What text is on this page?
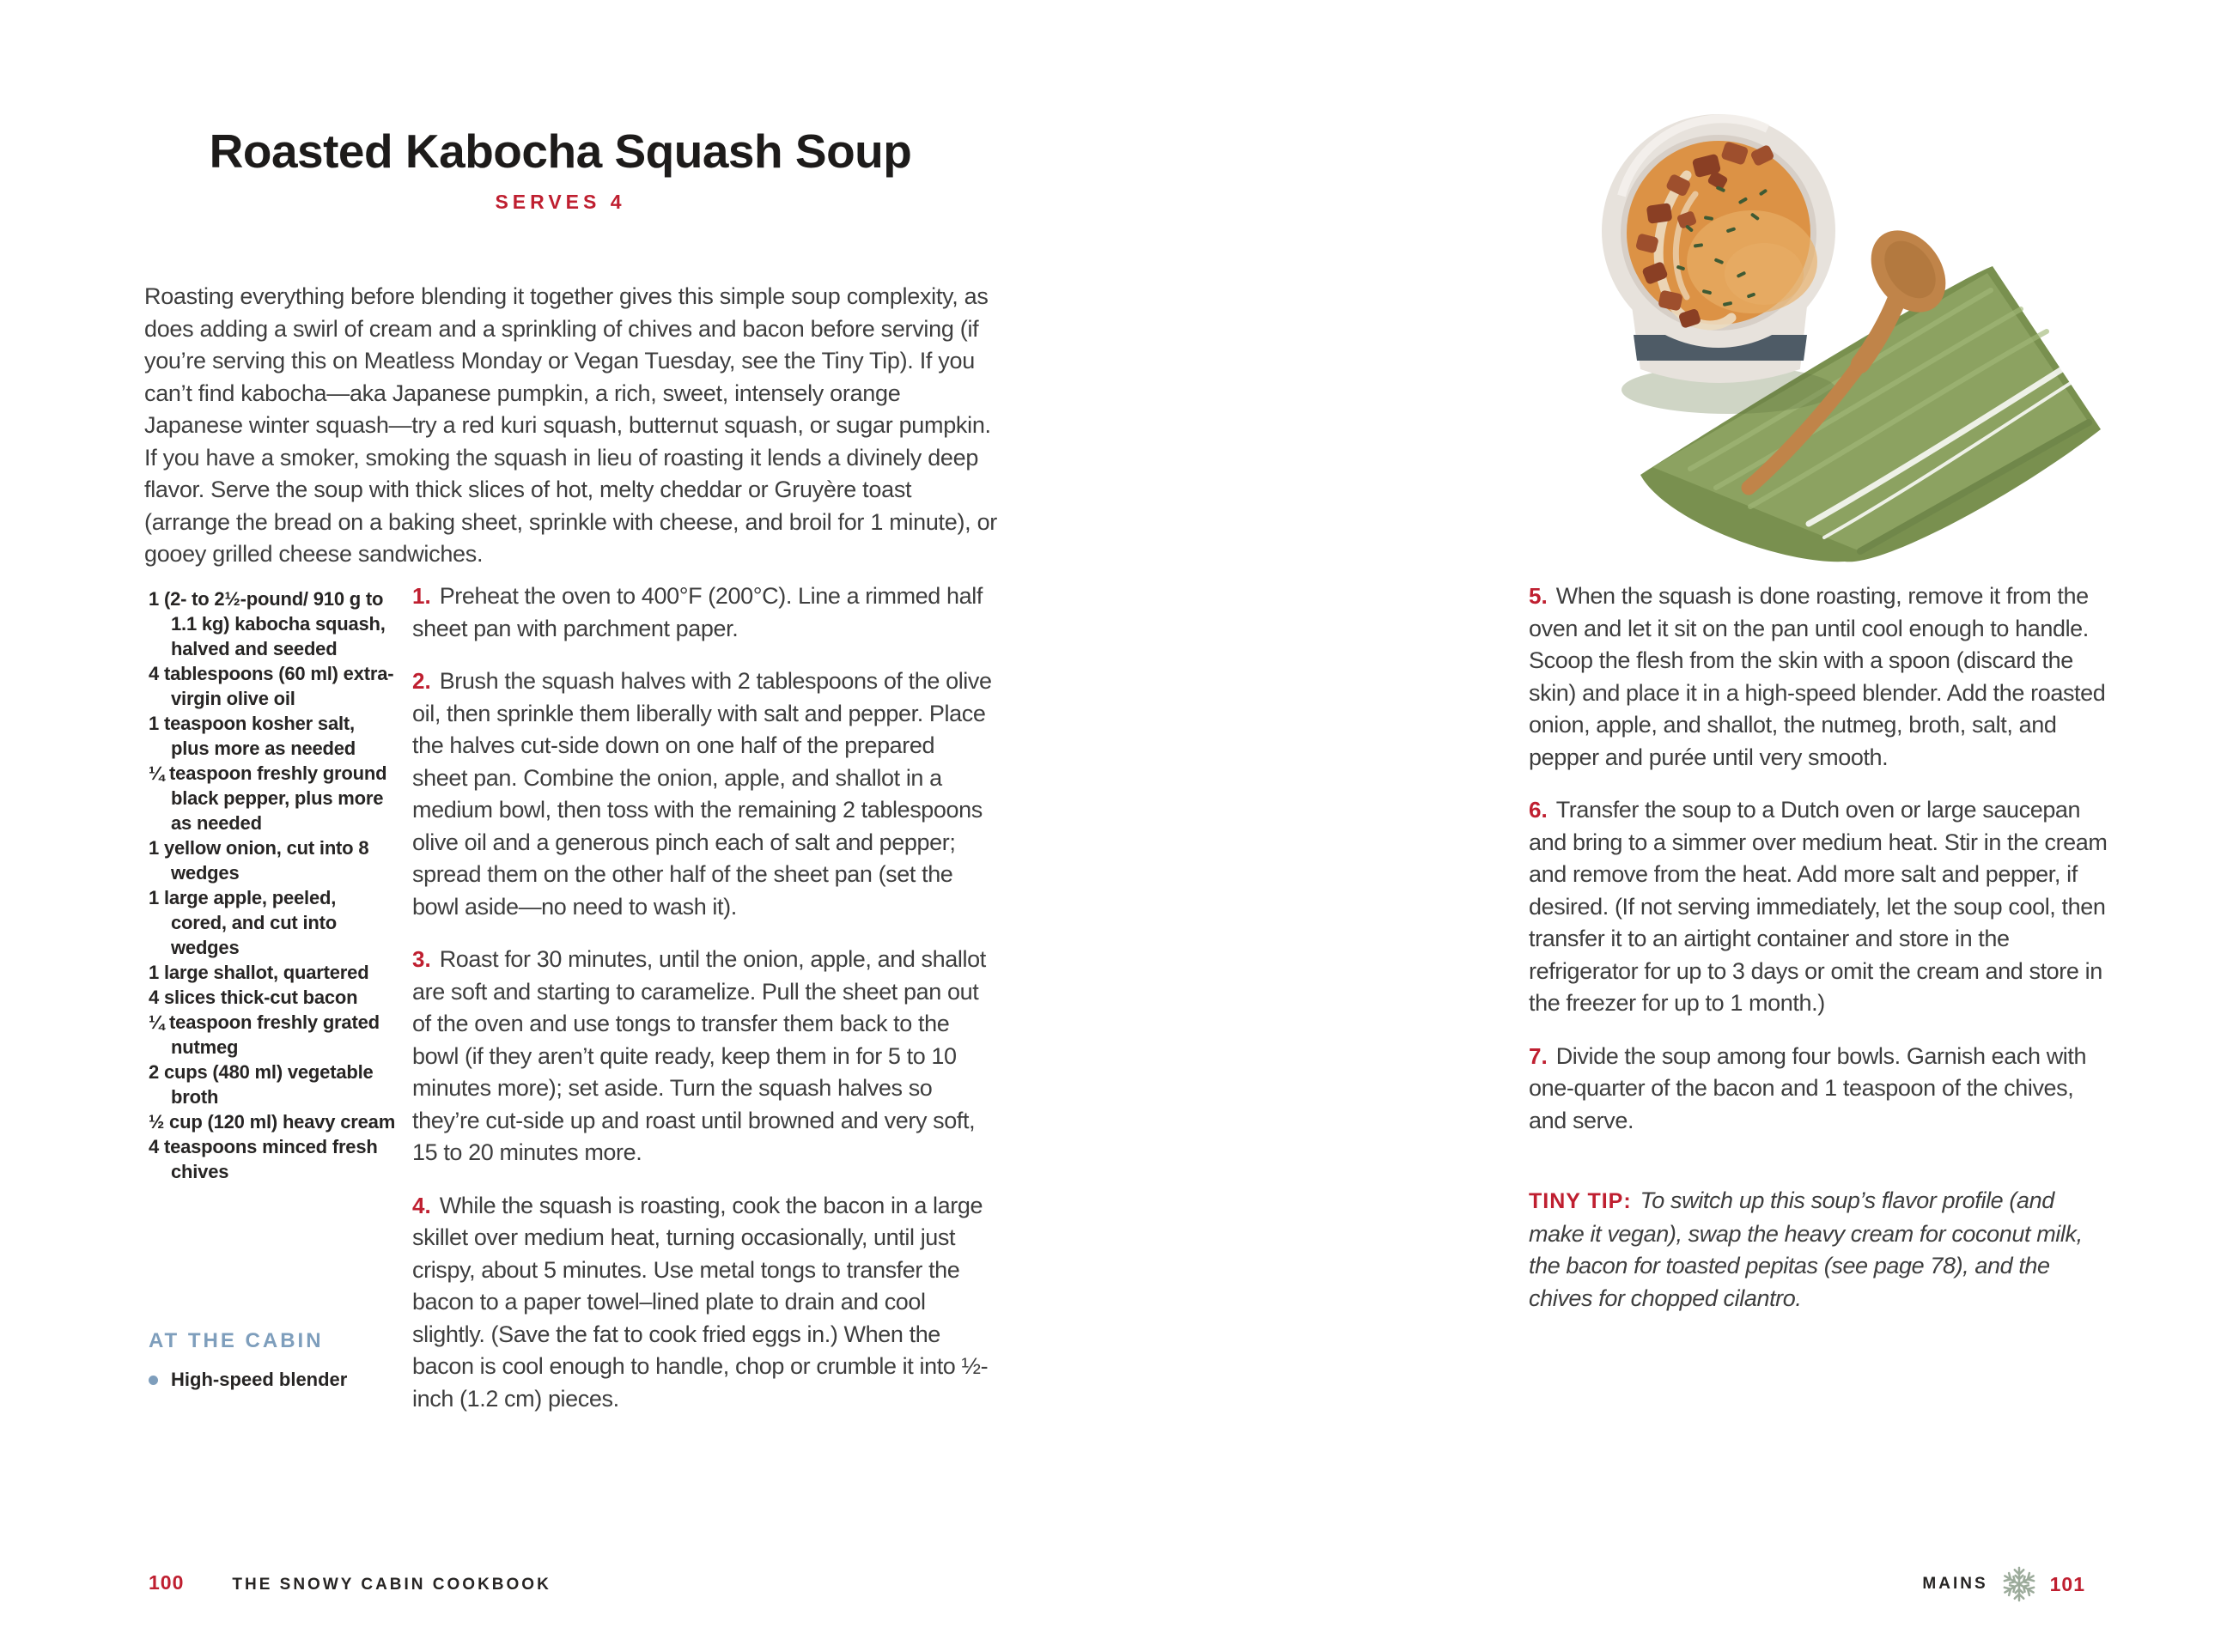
Roasted Kabocha Squash Soup
SERVES 4

Roasting everything before blending it together gives this simple soup complexity, as does adding a swirl of cream and a sprinkling of chives and bacon before serving (if you’re serving this on Meatless Monday or Vegan Tuesday, see the Tiny Tip). If you can’t find kabocha—aka Japanese pumpkin, a rich, sweet, intensely orange Japanese winter squash—try a red kuri squash, butternut squash, or sugar pumpkin. If you have a smoker, smoking the squash in lieu of roasting it lends a divinely deep flavor. Serve the soup with thick slices of hot, melty cheddar or Gruyère toast (arrange the bread on a baking sheet, sprinkle with cheese, and broil for 1 minute), or gooey grilled cheese sandwiches.

1 (2- to 2½-pound/ 910 g to 1.1 kg) kabocha squash, halved and seeded
4 tablespoons (60 ml) extra-virgin olive oil
1 teaspoon kosher salt, plus more as needed
¼ teaspoon freshly ground black pepper, plus more as needed
1 yellow onion, cut into 8 wedges
1 large apple, peeled, cored, and cut into wedges
1 large shallot, quartered
4 slices thick-cut bacon
¼ teaspoon freshly grated nutmeg
2 cups (480 ml) vegetable broth
½ cup (120 ml) heavy cream
4 teaspoons minced fresh chives
AT THE CABIN
High-speed blender

1. Preheat the oven to 400°F (200°C). Line a rimmed half sheet pan with parchment paper.

2. Brush the squash halves with 2 tablespoons of the olive oil, then sprinkle them liberally with salt and pepper. Place the halves cut-side down on one half of the prepared sheet pan. Combine the onion, apple, and shallot in a medium bowl, then toss with the remaining 2 tablespoons olive oil and a generous pinch each of salt and pepper; spread them on the other half of the sheet pan (set the bowl aside—no need to wash it).

3. Roast for 30 minutes, until the onion, apple, and shallot are soft and starting to caramelize. Pull the sheet pan out of the oven and use tongs to transfer them back to the bowl (if they aren’t quite ready, keep them in for 5 to 10 minutes more); set aside. Turn the squash halves so they’re cut-side up and roast until browned and very soft, 15 to 20 minutes more.

4. While the squash is roasting, cook the bacon in a large skillet over medium heat, turning occasionally, until just crispy, about 5 minutes. Use metal tongs to transfer the bacon to a paper towel–lined plate to drain and cool slightly. (Save the fat to cook fried eggs in.) When the bacon is cool enough to handle, chop or crumble it into ½-inch (1.2 cm) pieces.

100	THE SNOWY CABIN COOKBOOK

5. When the squash is done roasting, remove it from the oven and let it sit on the pan until cool enough to handle. Scoop the flesh from the skin with a spoon (discard the skin) and place it in a high-speed blender. Add the roasted onion, apple, and shallot, the nutmeg, broth, salt, and pepper and purée until very smooth.

6. Transfer the soup to a Dutch oven or large saucepan and bring to a simmer over medium heat. Stir in the cream and remove from the heat. Add more salt and pepper, if desired. (If not serving immediately, let the soup cool, then transfer it to an airtight container and store in the refrigerator for up to 3 days or omit the cream and store in the freezer for up to 1 month.)

7. Divide the soup among four bowls. Garnish each with one-quarter of the bacon and 1 teaspoon of the chives, and serve.

TINY TIP: To switch up this soup’s flavor profile (and make it vegan), swap the heavy cream for coconut milk, the bacon for toasted pepitas (see page 78), and the chives for chopped cilantro.

MAINS	101
